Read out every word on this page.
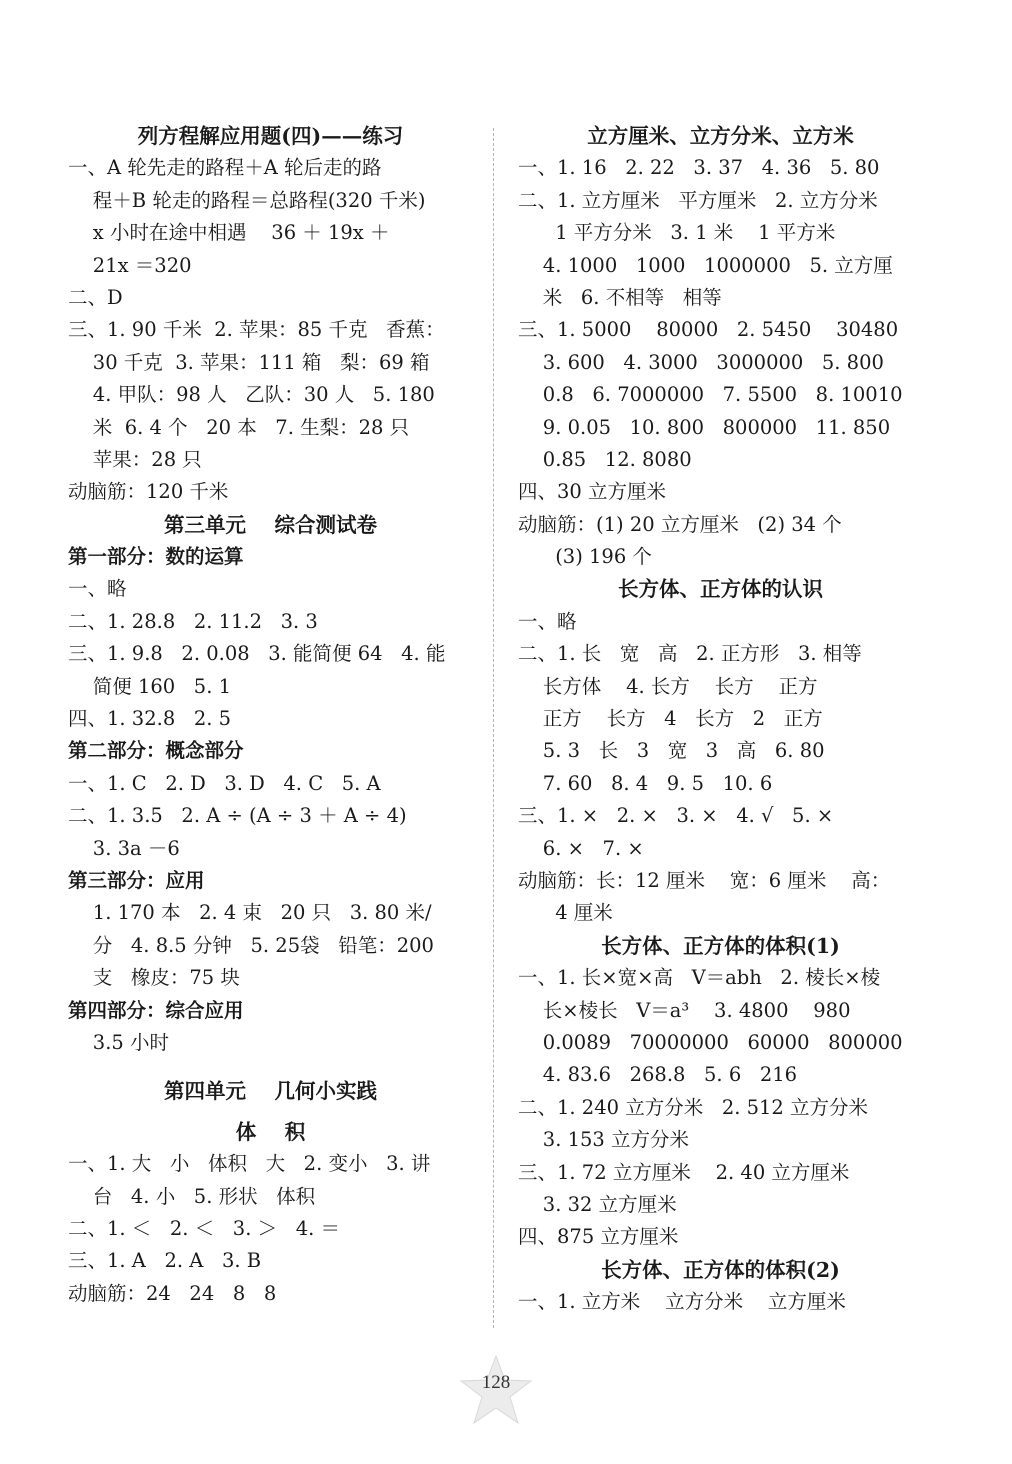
列方程解应用题(四)——练习
一、A 轮先走的路程＋A 轮后走的路
程＋B 轮走的路程＝总路程(320 千米)
x 小时在途中相遇    36 ＋ 19x ＋
21x ＝320
二、D
三、1. 90 千米  2. 苹果：85 千克   香蕉：
30 千克  3. 苹果：111 箱   梨：69 箱
4. 甲队：98 人   乙队：30 人   5. 180
米  6. 4 个   20 本   7. 生梨：28 只
苹果：28 只
动脑筋：120 千米
第三单元    综合测试卷
第一部分：数的运算
一、略
二、1. 28.8   2. 11.2   3. 3
三、1. 9.8   2. 0.08   3. 能简便 64   4. 能
简便 160   5. 1
四、1. 32.8   2. 5
第二部分：概念部分
一、1. C   2. D   3. D   4. C   5. A
二、1. 3.5   2. A ÷ (A ÷ 3 ＋ A ÷ 4)
3. 3a －6
第三部分：应用
1. 170 本   2. 4 束   20 只   3. 80 米/
分   4. 8.5 分钟   5. 25袋   铅笔：200
支   橡皮：75 块
第四部分：综合应用
3.5 小时
第四单元    几何小实践
体    积
一、1. 大   小   体积   大   2. 变小   3. 讲
台   4. 小   5. 形状   体积
二、1. ＜   2. ＜   3. ＞   4. ＝
三、1. A   2. A   3. B
动脑筋：24   24   8   8
立方厘米、立方分米、立方米
一、1. 16   2. 22   3. 37   4. 36   5. 80
二、1. 立方厘米   平方厘米   2. 立方分米
1 平方分米   3. 1 米    1 平方米
4. 1000   1000   1000000   5. 立方厘
米   6. 不相等   相等
三、1. 5000    80000   2. 5450    30480
3. 600   4. 3000   3000000   5. 800
0.8   6. 7000000   7. 5500   8. 10010
9. 0.05   10. 800   800000   11. 850
0.85   12. 8080
四、30 立方厘米
动脑筋：(1) 20 立方厘米   (2) 34 个
(3) 196 个
长方体、正方体的认识
一、略
二、1. 长   宽   高   2. 正方形   3. 相等
长方体    4. 长方    长方    正方
正方    长方   4   长方   2   正方
5. 3   长   3   宽   3   高   6. 80
7. 60   8. 4   9. 5   10. 6
三、1. ×   2. ×   3. ×   4. √   5. ×
6. ×   7. ×
动脑筋：长：12 厘米    宽：6 厘米    高：
4 厘米
长方体、正方体的体积(1)
一、1. 长×宽×高   V＝abh   2. 棱长×棱
长×棱长   V＝a³    3. 4800    980
0.0089   70000000   60000   800000
4. 83.6   268.8   5. 6   216
二、1. 240 立方分米   2. 512 立方分米
3. 153 立方分米
三、1. 72 立方厘米    2. 40 立方厘米
3. 32 立方厘米
四、875 立方厘米
长方体、正方体的体积(2)
一、1. 立方米    立方分米    立方厘米
128
